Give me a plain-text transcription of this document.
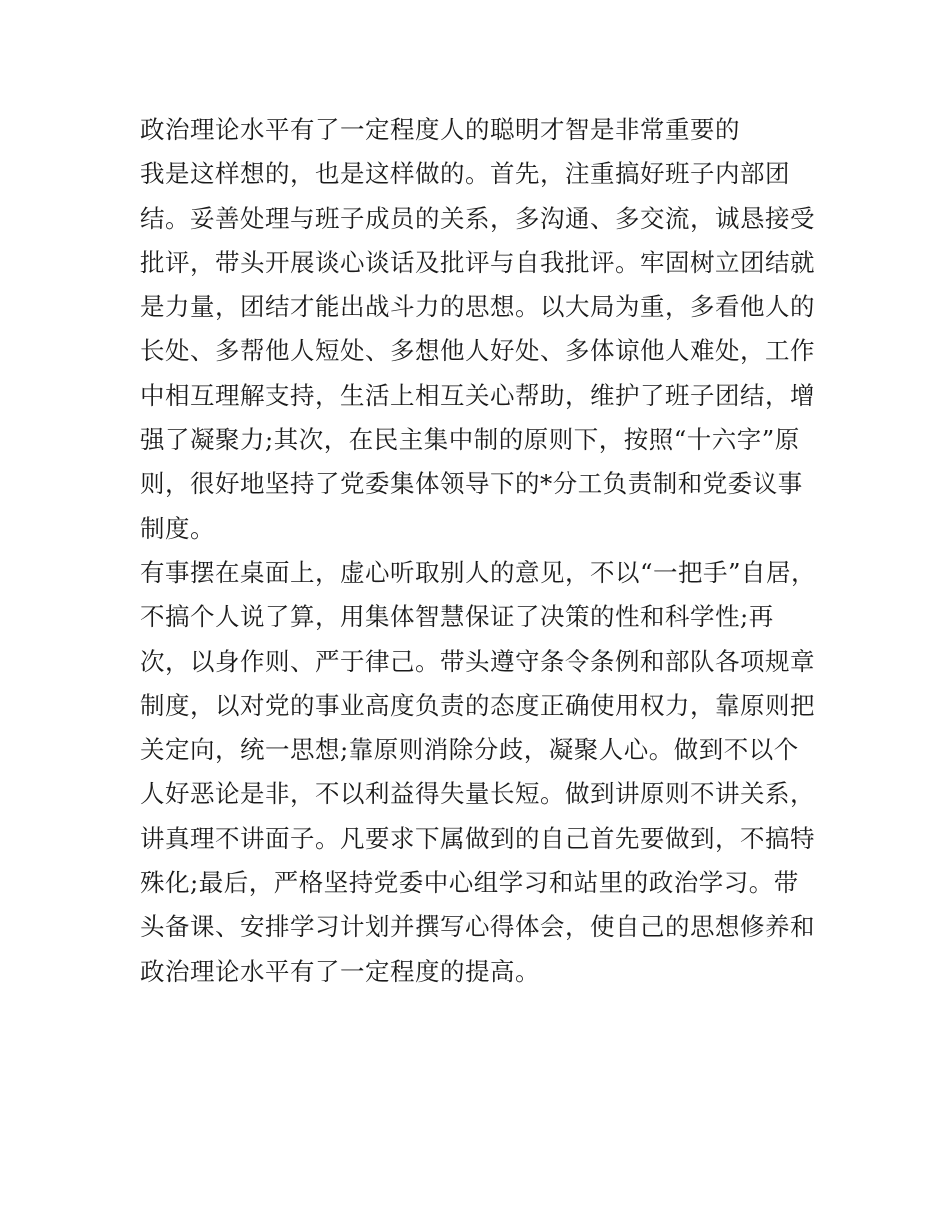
政治理论水平有了一定程度人的聪明才智是非常重要的
我是这样想的，也是这样做的。首先，注重搞好班子内部团
结。妥善处理与班子成员的关系，多沟通、多交流，诚恳接受
批评，带头开展谈心谈话及批评与自我批评。牢固树立团结就
是力量，团结才能出战斗力的思想。以大局为重，多看他人的
长处、多帮他人短处、多想他人好处、多体谅他人难处，工作
中相互理解支持，生活上相互关心帮助，维护了班子团结，增
强了凝聚力;其次，在民主集中制的原则下，按照“十六字”原
则，很好地坚持了党委集体领导下的*分工负责制和党委议事
制度。
有事摆在桌面上，虚心听取别人的意见，不以“一把手”自居，
不搞个人说了算，用集体智慧保证了决策的性和科学性;再
次，以身作则、严于律己。带头遵守条令条例和部队各项规章
制度，以对党的事业高度负责的态度正确使用权力，靠原则把
关定向，统一思想;靠原则消除分歧，凝聚人心。做到不以个
人好恶论是非，不以利益得失量长短。做到讲原则不讲关系，
讲真理不讲面子。凡要求下属做到的自己首先要做到，不搞特
殊化;最后，严格坚持党委中心组学习和站里的政治学习。带
头备课、安排学习计划并撰写心得体会，使自己的思想修养和
政治理论水平有了一定程度的提高。
